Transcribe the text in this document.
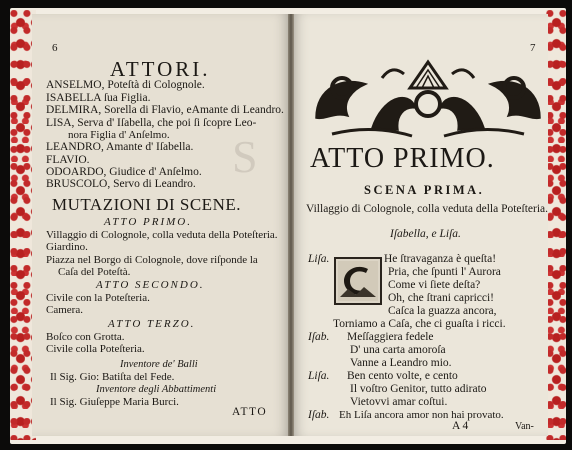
S
6
ATTORI.
ANSELMO, Poteſtà di Colognole.
ISABELLA ſua Figlia.
DELMIRA, Sorella di Flavio, eAmante di Leandro.
LISA, Serva d' Iſabella, che poi ſi ſcopre Leo-
nora Figlia d' Anſelmo.
LEANDRO, Amante d' Iſabella.
FLAVIO.
ODOARDO, Giudice d' Anſelmo.
BRUSCOLO, Servo di Leandro.
MUTAZIONI DI SCENE.
ATTO PRIMO.
Villaggio di Colognole, colla veduta della Poteſteria.
Giardino.
Piazza nel Borgo di Colognole, dove riſponde la
Caſa del Poteſtà.
ATTO SECONDO.
Civile con la Poteſteria.
Camera.
ATTO TERZO.
Boſco con Grotta.
Civile colla Poteſteria.
Inventore de' Balli
Il Sig. Gio: Batiſta del Fede.
Inventore degli Abbattimenti
Il Sig. Giuſeppe Maria Burci.
ATTO
7
ATTO PRIMO.
SCENA PRIMA.
Villaggio di Colognole, colla veduta della Poteſteria.
Iſabella, e Liſa.
Liſa.	He ſtravaganza è queſta!
Pria, che ſpunti l' Aurora
Come vi ſiete deſta?
Oh, che ſtrani capricci!
Caſca la guazza ancora,
Torniamo a Caſa, che ci guaſta i ricci.
Iſab. Meſſaggiera fedele
D' una carta amoroſa
Vanne a Leandro mio.
Liſa. Ben cento volte, e cento
Il voſtro Genitor, tutto adirato
Vietovvi amar coſtui.
Iſab. Eh Liſa ancora amor non hai provato.
A 4	Van-
